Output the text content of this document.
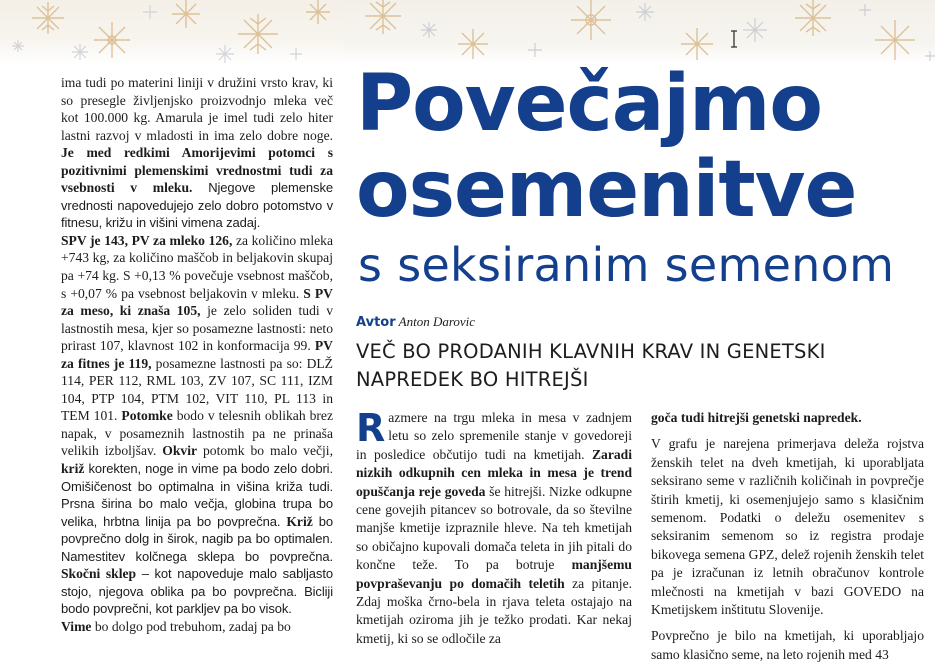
ima tudi po materini liniji v družini vrsto krav, ki so presegle življenjsko proizvodnjo mleka več kot 100.000 kg. Amarula je imel tudi zelo hiter lastni razvoj v mladosti in ima zelo dobre noge. Je med redkimi Amorijevimi potomci s pozitivnimi plemenskimi vrednostmi tudi za vsebnosti v mleku. Njegove plemenske vrednosti napovedujejo zelo dobro potomstvo v fitnesu, križu in višini vimena zadaj.

SPV je 143, PV za mleko 126, za količino mleka +743 kg, za količino maščob in beljakovin skupaj pa +74 kg. S +0,13 % povečuje vsebnost maščob, s +0,07 % pa vsebnost beljakovin v mleku. S PV za meso, ki znaša 105, je zelo soliden tudi v lastnostih mesa, kjer so posamezne lastnosti: neto prirast 107, klavnost 102 in konformacija 99. PV za fitnes je 119, posamezne lastnosti pa so: DLŽ 114, PER 112, RML 103, ZV 107, SC 111, IZM 104, PTP 104, PTM 102, VIT 110, PL 113 in TEM 101. Potomke bodo v telesnih oblikah brez napak, v posameznih lastnostih pa ne prinaša velikih izboljšav. Okvir potomk bo malo večji, križ korekten, noge in vime pa bodo zelo dobri. Omišičenost bo optimalna in višina križa tudi. Prsna širina bo malo večja, globina trupa bo velika, hrbtna linija pa bo povprečna. Križ bo povprečno dolg in širok, nagib pa bo optimalen. Namestitev kolčnega sklepa bo povprečna. Skočni sklep – kot napoveduje malo sabljasto stojo, njegova oblika pa bo povprečna. Bicliji bodo povprečni, kot parkljev pa bo visok.

Vime bo dolgo pod trebuhom, zadaj pa bo

Povečajmo
osemenitve
s seksiranim semenom
Avtor Anton Darovic
VEČ BO PRODANIH KLAVNIH KRAV IN GENETSKI NAPREDEK BO HITREJŠI

Razmere na trgu mleka in mesa v zadnjem letu so zelo spremenile stanje v govedoreji in posledice občutijo tudi na kmetijah. Zaradi nizkih odkupnih cen mleka in mesa je trend opuščanja reje goveda še hitrejši. Nizke odkupne cene govejih pitancev so botrovale, da so številne manjše kmetije izpraznile hleve. Na teh kmetijah so običajno kupovali domača teleta in jih pitali do končne teže. To pa botruje manjšemu povpraševanju po domačih teletih za pitanje. Zdaj moška črno-bela in rjava teleta ostajajo na kmetijah oziroma jih je težko prodati. Kar nekaj kmetij, ki so se odločile za

goča tudi hitrejši genetski napredek.

V grafu je narejena primerjava deleža rojstva ženskih telet na dveh kmetijah, ki uporabljata seksirano seme v različnih količinah in povprečje štirih kmetij, ki osemenjujejo samo s klasičnim semenom. Podatki o deležu osemenitev s seksiranim semenom so iz registra prodaje bikovega semena GPZ, delež rojenih ženskih telet pa je izračunan iz letnih obračunov kontrole mlečnosti na kmetijah v bazi GOVEDO na Kmetijskem inštitutu Slovenije.

Povprečno je bilo na kmetijah, ki uporabljajo samo klasično seme, na leto rojenih med 43
